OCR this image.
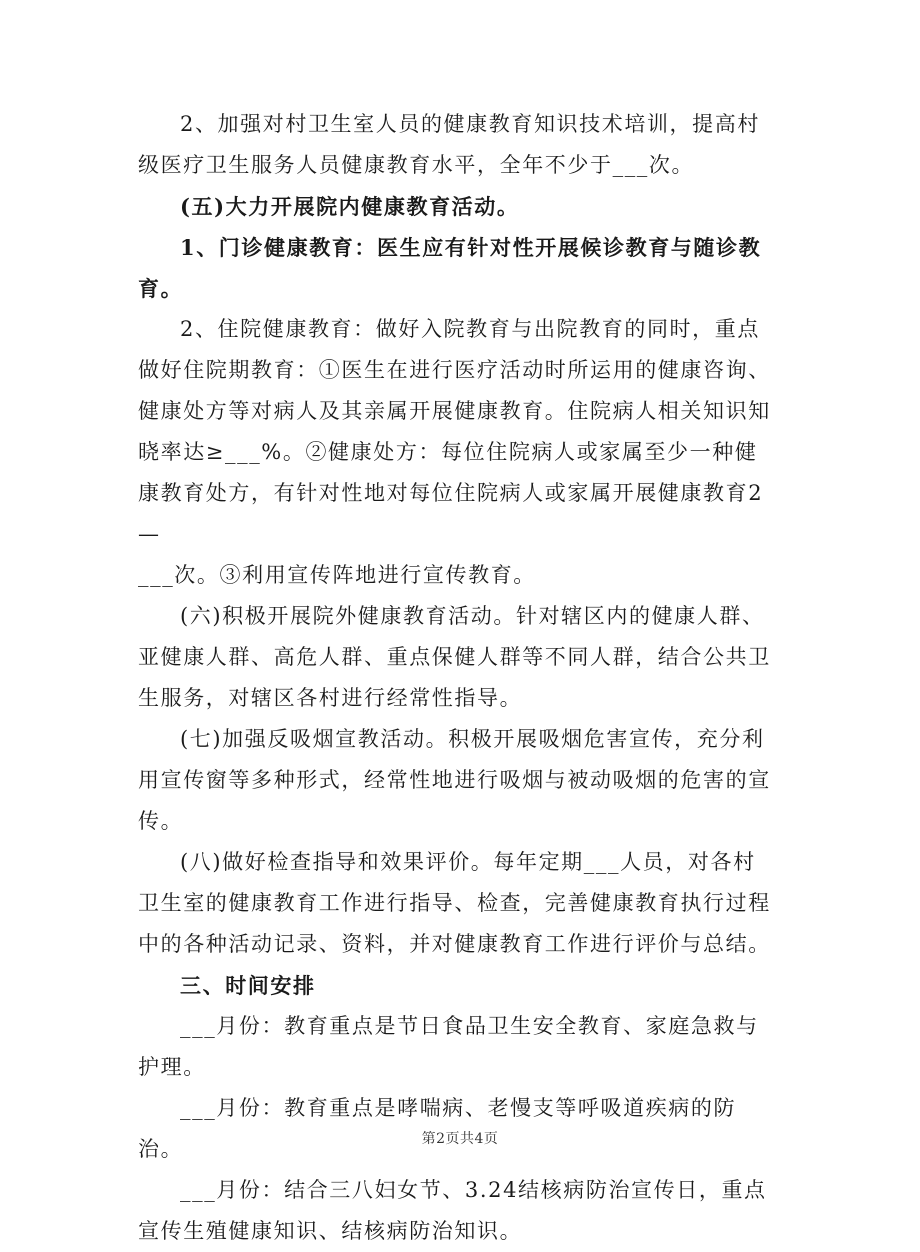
2、加强对村卫生室人员的健康教育知识技术培训，提高村级医疗卫生服务人员健康教育水平，全年不少于___次。

(五)大力开展院内健康教育活动。

1、门诊健康教育：医生应有针对性开展候诊教育与随诊教育。

2、住院健康教育：做好入院教育与出院教育的同时，重点做好住院期教育：①医生在进行医疗活动时所运用的健康咨询、健康处方等对病人及其亲属开展健康教育。住院病人相关知识知晓率达≥___%。②健康处方：每位住院病人或家属至少一种健康教育处方，有针对性地对每位住院病人或家属开展健康教育2—

___次。③利用宣传阵地进行宣传教育。

(六)积极开展院外健康教育活动。针对辖区内的健康人群、亚健康人群、高危人群、重点保健人群等不同人群，结合公共卫生服务，对辖区各村进行经常性指导。

(七)加强反吸烟宣教活动。积极开展吸烟危害宣传，充分利用宣传窗等多种形式，经常性地进行吸烟与被动吸烟的危害的宣传。

(八)做好检查指导和效果评价。每年定期___人员，对各村卫生室的健康教育工作进行指导、检查，完善健康教育执行过程中的各种活动记录、资料，并对健康教育工作进行评价与总结。

三、时间安排

___月份：教育重点是节日食品卫生安全教育、家庭急救与护理。

___月份：教育重点是哮喘病、老慢支等呼吸道疾病的防治。

___月份：结合三八妇女节、3.24结核病防治宣传日，重点宣传生殖健康知识、结核病防治知识。

第2页共4页
